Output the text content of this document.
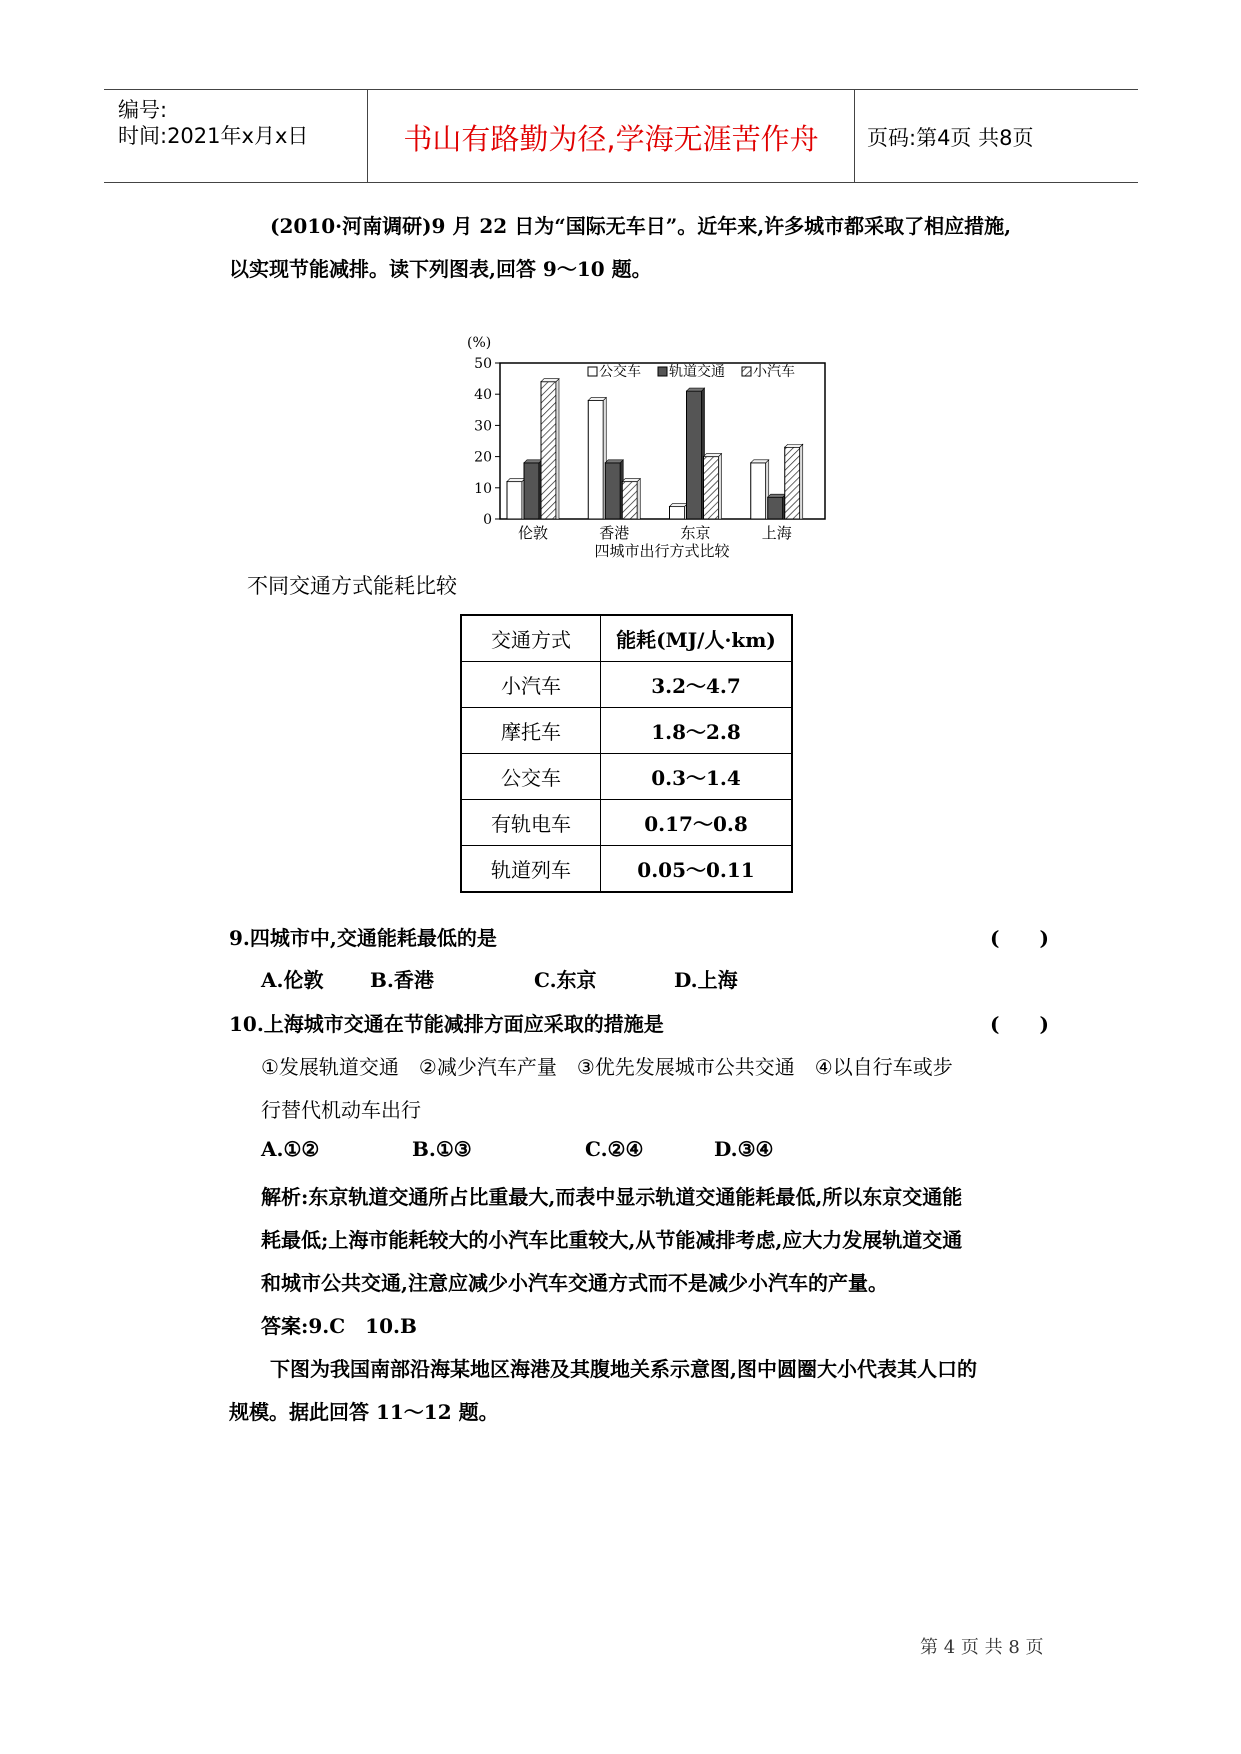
编号:
时间:2021年x月x日	书山有路勤为径,学海无涯苦作舟	页码:第4页 共8页
(2010·河南调研)9 月 22 日为“国际无车日”。近年来,许多城市都采取了相应措施,
以实现节能减排。读下列图表,回答 9～10 题。
(%)
0
10
20
30
40
50
伦敦	香港	东京	上海
公交车 轨道交通 小汽车
四城市出行方式比较
不同交通方式能耗比较
交通方式	能耗(MJ/人·km)
小汽车	3.2～4.7
摩托车	1.8～2.8
公交车	0.3～1.4
有轨电车	0.17～0.8
轨道列车	0.05～0.11
9.四城市中,交通能耗最低的是	(　　)
A.伦敦 B.香港	C.东京	D.上海
10.上海城市交通在节能减排方面应采取的措施是	(　　)
①发展轨道交通　②减少汽车产量　③优先发展城市公共交通　④以自行车或步
行替代机动车出行
A.①②	B.①③	C.②④	D.③④
解析:东京轨道交通所占比重最大,而表中显示轨道交通能耗最低,所以东京交通能
耗最低;上海市能耗较大的小汽车比重较大,从节能减排考虑,应大力发展轨道交通
和城市公共交通,注意应减少小汽车交通方式而不是减少小汽车的产量。
答案:9.C　10.B
下图为我国南部沿海某地区海港及其腹地关系示意图,图中圆圈大小代表其人口的
规模。据此回答 11～12 题。
第 4 页 共 8 页
